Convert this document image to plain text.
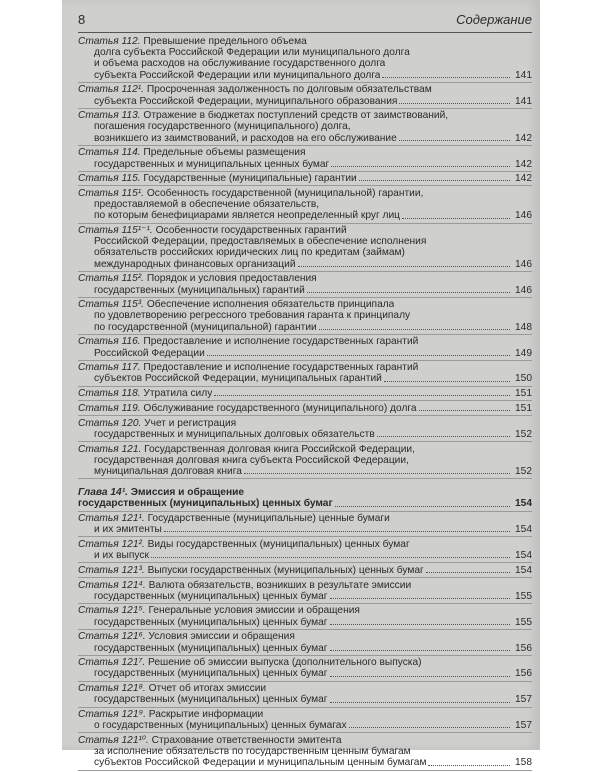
8	Содержание
Статья 112. Превышение предельного объема
долга субъекта Российской Федерации или муниципального долга
и объема расходов на обслуживание государственного долга
субъекта Российской Федерации или муниципального долга	141
Статья 112¹. Просроченная задолженность по долговым обязательствам
субъекта Российской Федерации, муниципального образования	141
Статья 113. Отражение в бюджетах поступлений средств от заимствований,
погашения государственного (муниципального) долга,
возникшего из заимствований, и расходов на его обслуживание	142
Статья 114. Предельные объемы размещения
государственных и муниципальных ценных бумаг	142
Статья 115. Государственные (муниципальные) гарантии	142
Статья 115¹. Особенность государственной (муниципальной) гарантии,
предоставляемой в обеспечение обязательств,
по которым бенефициарами является неопределенный круг лиц	146
Статья 115¹⁻¹. Особенности государственных гарантий
Российской Федерации, предоставляемых в обеспечение исполнения
обязательств российских юридических лиц по кредитам (займам)
международных финансовых организаций	146
Статья 115². Порядок и условия предоставления
государственных (муниципальных) гарантий	146
Статья 115³. Обеспечение исполнения обязательств принципала
по удовлетворению регрессного требования гаранта к принципалу
по государственной (муниципальной) гарантии	148
Статья 116. Предоставление и исполнение государственных гарантий
Российской Федерации	149
Статья 117. Предоставление и исполнение государственных гарантий
субъектов Российской Федерации, муниципальных гарантий	150
Статья 118. Утратила силу	151
Статья 119. Обслуживание государственного (муниципального) долга	151
Статья 120. Учет и регистрация
государственных и муниципальных долговых обязательств	152
Статья 121. Государственная долговая книга Российской Федерации,
государственная долговая книга субъекта Российской Федерации,
муниципальная долговая книга	152
Глава 14¹. Эмиссия и обращение
государственных (муниципальных) ценных бумаг	154
Статья 121¹. Государственные (муниципальные) ценные бумаги
и их эмитенты	154
Статья 121². Виды государственных (муниципальных) ценных бумаг
и их выпуск	154
Статья 121³. Выпуски государственных (муниципальных) ценных бумаг	154
Статья 121⁴. Валюта обязательств, возникших в результате эмиссии
государственных (муниципальных) ценных бумаг	155
Статья 121⁵. Генеральные условия эмиссии и обращения
государственных (муниципальных) ценных бумаг	155
Статья 121⁶. Условия эмиссии и обращения
государственных (муниципальных) ценных бумаг	156
Статья 121⁷. Решение об эмиссии выпуска (дополнительного выпуска)
государственных (муниципальных) ценных бумаг	156
Статья 121⁸. Отчет об итогах эмиссии
государственных (муниципальных) ценных бумаг	157
Статья 121⁹. Раскрытие информации
о государственных (муниципальных) ценных бумагах	157
Статья 121¹⁰. Страхование ответственности эмитента
за исполнение обязательств по государственным ценным бумагам
субъектов Российской Федерации и муниципальным ценным бумагам	158
